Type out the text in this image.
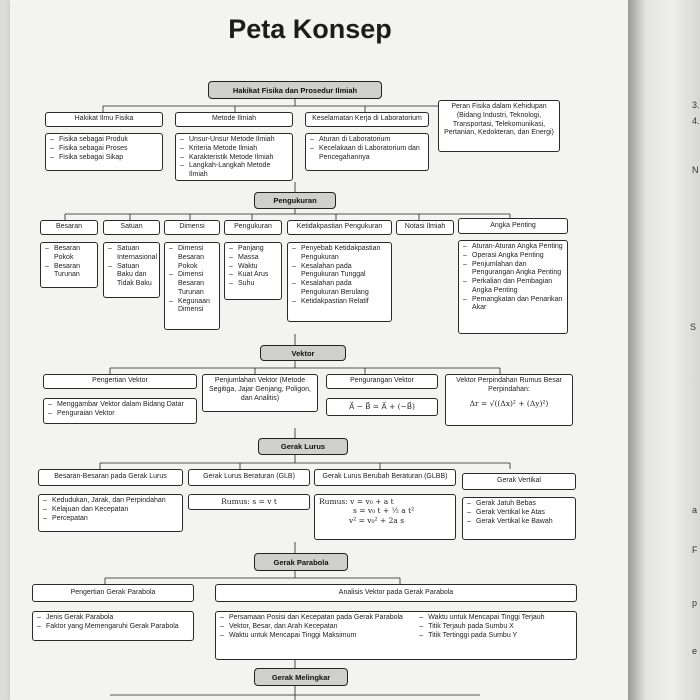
Peta Konsep
Hakikat Fisika dan Prosedur Ilmiah
Hakikat Ilmu Fisika
– Fisika sebagai Produk
– Fisika sebagai Proses
– Fisika sebagai Sikap
Metode Ilmiah
– Unsur-Unsur Metode Ilmiah
– Kriteria Metode Ilmiah
– Karakteristik Metode Ilmiah
– Langkah-Langkah Metode Ilmiah
Keselamatan Kerja di Laboratorium
– Aturan di Laboratorium
– Kecelakaan di Laboratorium dan Pencegahannya
Peran Fisika dalam Kehidupan (Bidang Industri, Teknologi, Transportasi, Telekomunikasi, Pertanian, Kedokteran, dan Energi)
Pengukuran
Besaran
– Besaran Pokok
– Besaran Turunan
Satuan
– Satuan Internasional
– Satuan Baku dan Tidak Baku
Dimensi
– Dimensi Besaran Pokok
– Dimensi Besaran Turunan
– Kegunaan Dimensi
Pengukuran
– Panjang
– Massa
– Waktu
– Kuat Arus
– Suhu
Ketidakpastian Pengukuran
– Penyebab Ketidakpastian Pengukuran
– Kesalahan pada Pengukuran Tunggal
– Kesalahan pada Pengukuran Berulang
– Ketidakpastian Relatif
Notasi Ilmiah	Angka Penting
– Aturan-Aturan Angka Penting
– Operasi Angka Penting
– Penjumlahan dan Pengurangan Angka Penting
– Perkalian dan Pembagian Angka Penting
– Pemangkatan dan Penarikan Akar
Vektor
Pengertian Vektor
– Menggambar Vektor dalam Bidang Datar
– Penguraian Vektor
Penjumlahan Vektor (Metode Segitiga, Jajar Genjang, Poligon, dan Analitis)
Pengurangan Vektor
A⃗ − B⃗ = A⃗ + (−B⃗)
Vektor Perpindahan Rumus Besar Perpindahan:
Δr = √((Δx)² + (Δy)²)
Gerak Lurus
Besaran-Besaran pada Gerak Lurus
– Kedudukan, Jarak, dan Perpindahan
– Kelajuan dan Kecepatan
– Percepatan
Gerak Lurus Beraturan (GLB)
Rumus: s = v t
Gerak Lurus Berubah Beraturan (GLBB)
Rumus: v = v₀ + a t
s = v₀ t + ½ a t²
v² = v₀² + 2a s
Gerak Vertikal
– Gerak Jatuh Bebas
– Gerak Vertikal ke Atas
– Gerak Vertikal ke Bawah
Gerak Parabola
Pengertian Gerak Parabola
– Jenis Gerak Parabola
– Faktor yang Memengaruhi Gerak Parabola
Analisis Vektor pada Gerak Parabola
– Persamaan Posisi dan Kecepatan pada Gerak Parabola
– Vektor, Besar, dan Arah Kecepatan
– Waktu untuk Mencapai Tinggi Maksimum
– Waktu untuk Mencapai Tinggi Terjauh
– Titik Terjauh pada Sumbu X
– Titik Tertinggi pada Sumbu Y
Gerak Melingkar
3.
4.
N
S
a
F
p
e
